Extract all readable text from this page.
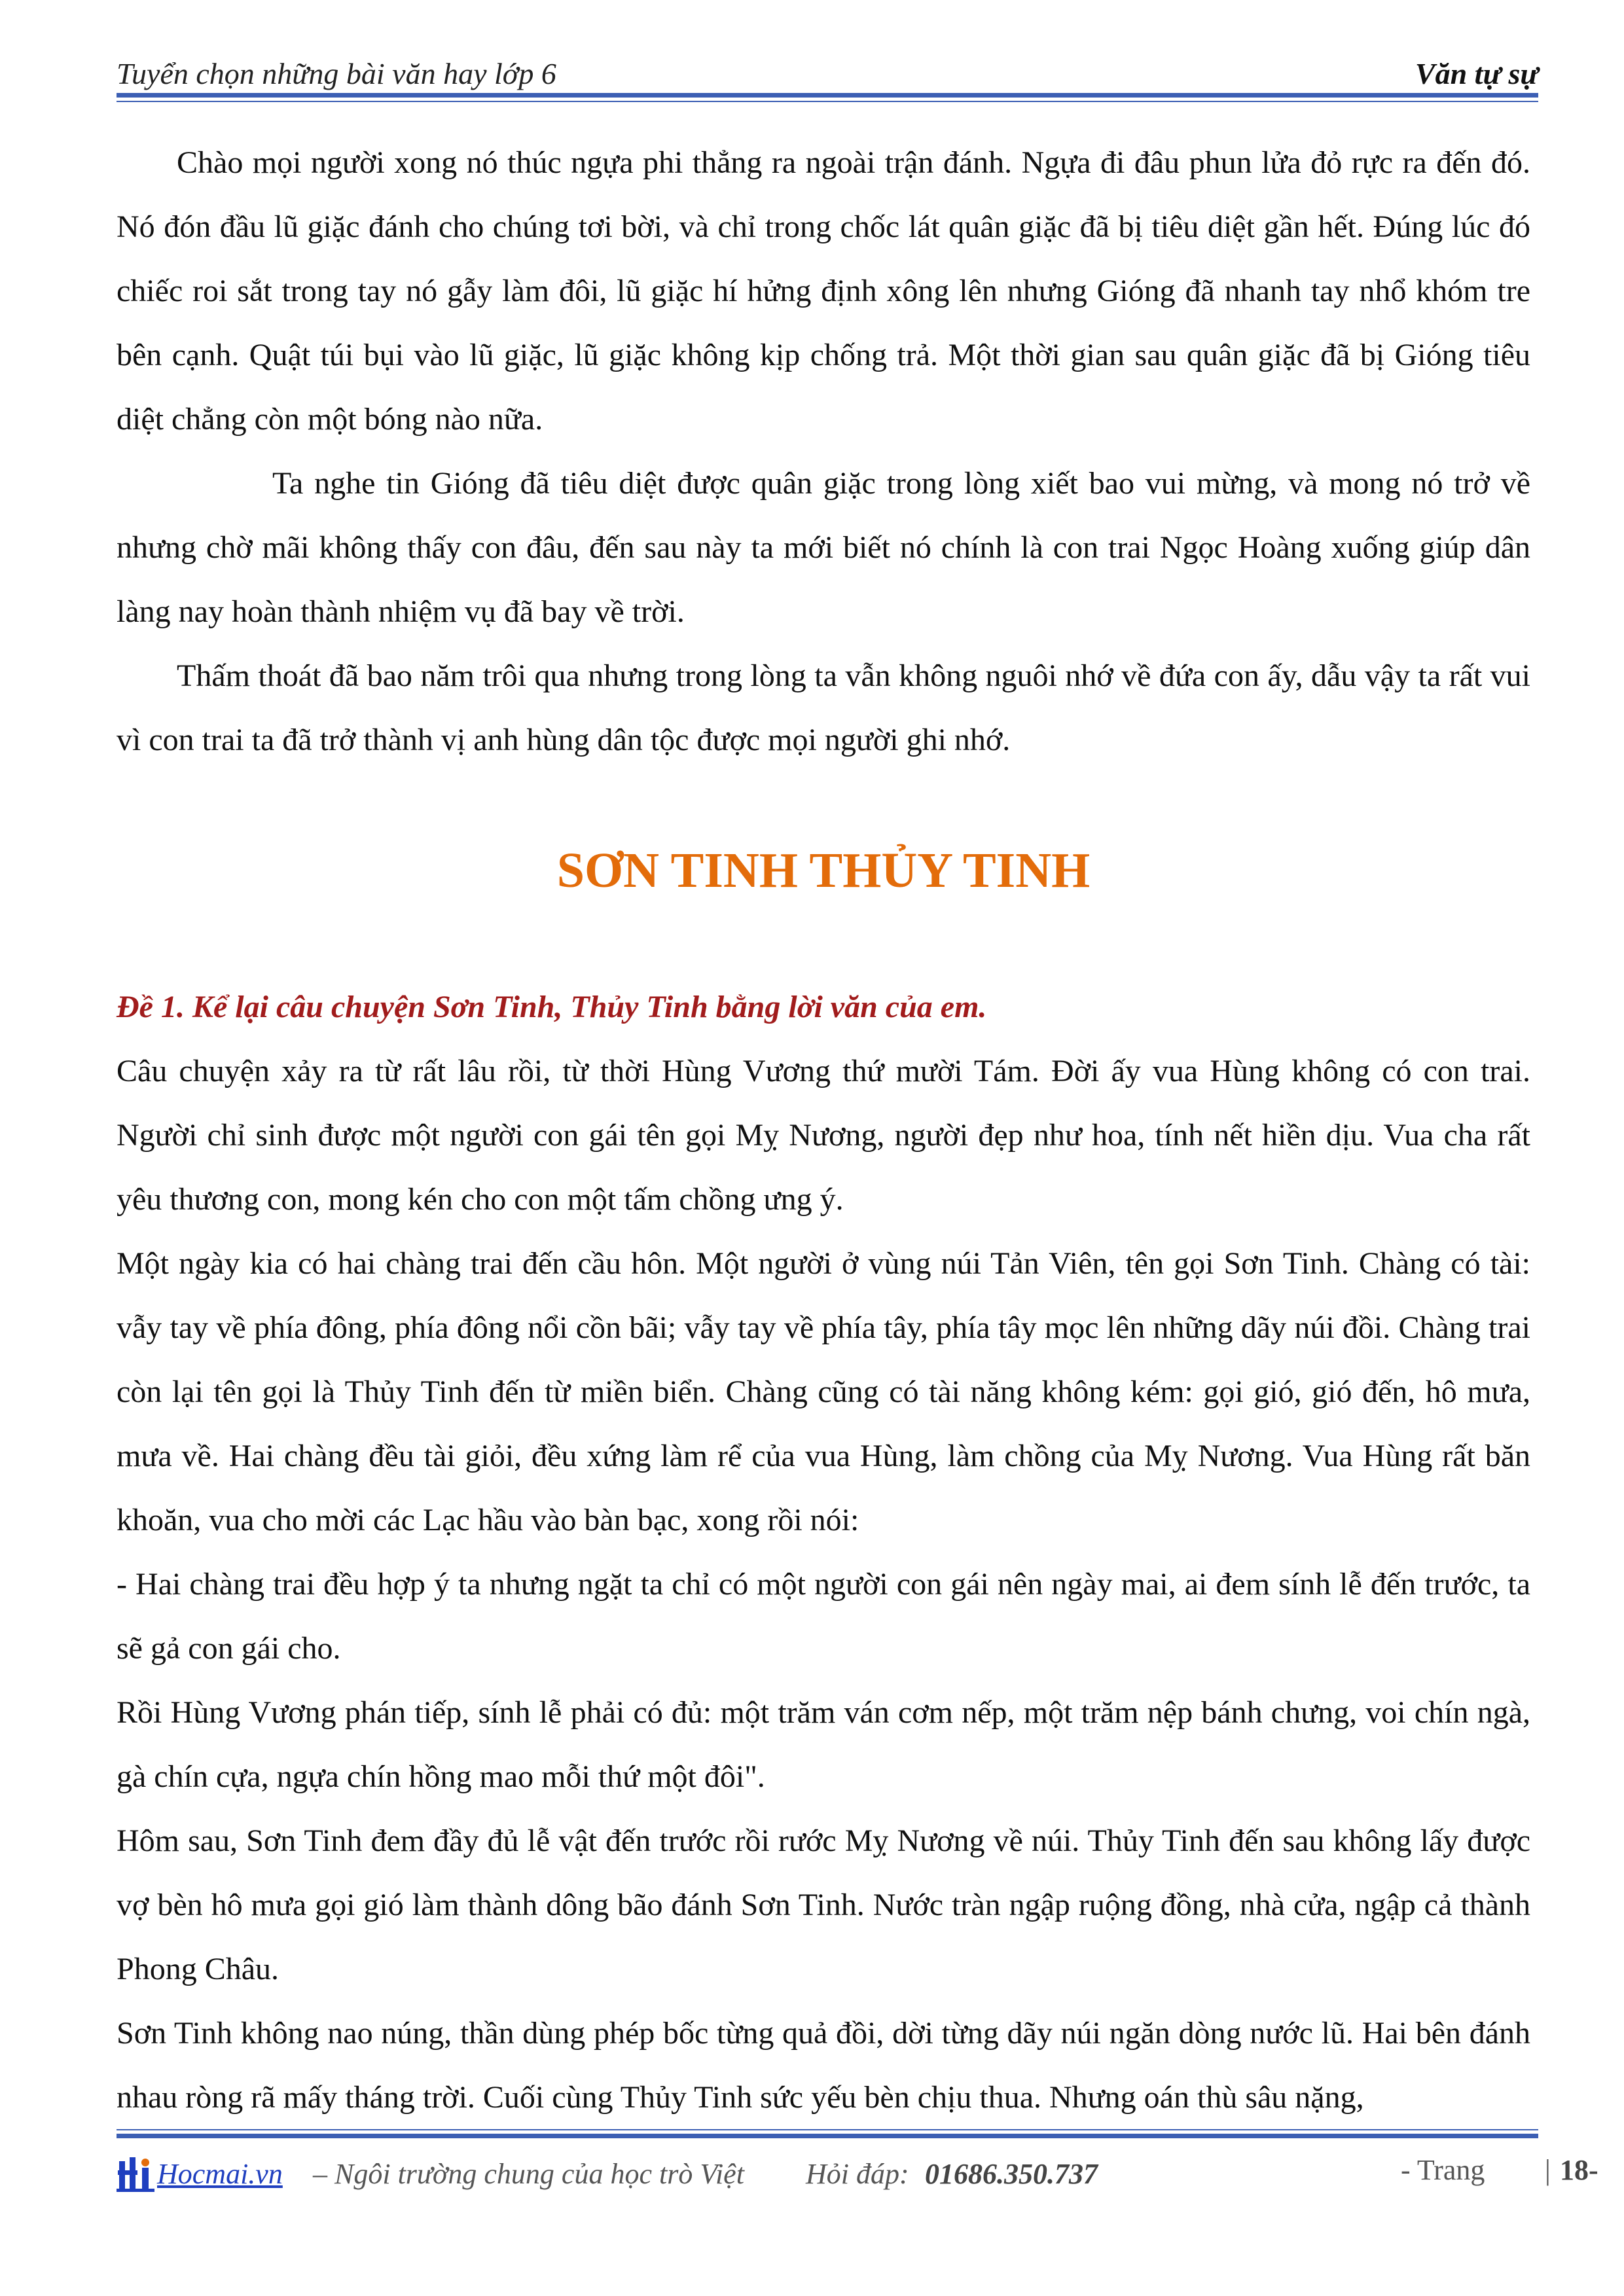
Tuyển chọn những bài văn hay lớp 6	Văn tự sự

Chào mọi người xong nó thúc ngựa phi thẳng ra ngoài trận đánh. Ngựa đi đâu phun lửa đỏ rực ra đến đó. Nó đón đầu lũ giặc đánh cho chúng tơi bời, và chỉ trong chốc lát quân giặc đã bị tiêu diệt gần hết. Đúng lúc đó chiếc roi sắt trong tay nó gẫy làm đôi, lũ giặc hí hửng định xông lên nhưng Gióng đã nhanh tay nhổ khóm tre bên cạnh. Quật túi bụi vào lũ giặc, lũ giặc không kịp chống trả. Một thời gian sau quân giặc đã bị Gióng tiêu diệt chẳng còn một bóng nào nữa.

Ta nghe tin Gióng đã tiêu diệt được quân giặc trong lòng xiết bao vui mừng, và mong nó trở về nhưng chờ mãi không thấy con đâu, đến sau này ta mới biết nó chính là con trai Ngọc Hoàng xuống giúp dân làng nay hoàn thành nhiệm vụ đã bay về trời.

Thấm thoát đã bao năm trôi qua nhưng trong lòng ta vẫn không nguôi nhớ về đứa con ấy, dẫu vậy ta rất vui vì con trai ta đã trở thành vị anh hùng dân tộc được mọi người ghi nhớ.

SƠN TINH THỦY TINH

Đề 1. Kể lại câu chuyện Sơn Tinh, Thủy Tinh bằng lời văn của em.

Câu chuyện xảy ra từ rất lâu rồi, từ thời Hùng Vương thứ mười Tám. Đời ấy vua Hùng không có con trai. Người chỉ sinh được một người con gái tên gọi Mỵ Nương, người đẹp như hoa, tính nết hiền dịu. Vua cha rất yêu thương con, mong kén cho con một tấm chồng ưng ý.

Một ngày kia có hai chàng trai đến cầu hôn. Một người ở vùng núi Tản Viên, tên gọi Sơn Tinh. Chàng có tài: vẫy tay về phía đông, phía đông nổi cồn bãi; vẫy tay về phía tây, phía tây mọc lên những dãy núi đồi. Chàng trai còn lại tên gọi là Thủy Tinh đến từ miền biển. Chàng cũng có tài năng không kém: gọi gió, gió đến, hô mưa, mưa về. Hai chàng đều tài giỏi, đều xứng làm rể của vua Hùng, làm chồng của Mỵ Nương. Vua Hùng rất băn khoăn, vua cho mời các Lạc hầu vào bàn bạc, xong rồi nói:

- Hai chàng trai đều hợp ý ta nhưng ngặt ta chỉ có một người con gái nên ngày mai, ai đem sính lễ đến trước, ta sẽ gả con gái cho.

Rồi Hùng Vương phán tiếp, sính lễ phải có đủ: một trăm ván cơm nếp, một trăm nệp bánh chưng, voi chín ngà, gà chín cựa, ngựa chín hồng mao mỗi thứ một đôi".

Hôm sau, Sơn Tinh đem đầy đủ lễ vật đến trước rồi rước Mỵ Nương về núi. Thủy Tinh đến sau không lấy được vợ bèn hô mưa gọi gió làm thành dông bão đánh Sơn Tinh. Nước tràn ngập ruộng đồng, nhà cửa, ngập cả thành Phong Châu.

Sơn Tinh không nao núng, thần dùng phép bốc từng quả đồi, dời từng dãy núi ngăn dòng nước lũ. Hai bên đánh nhau ròng rã mấy tháng trời. Cuối cùng Thủy Tinh sức yếu bèn chịu thua. Nhưng oán thù sâu nặng,

Hocmai.vn – Ngôi trường chung của học trò Việt Hỏi đáp: 01686.350.737	- Trang | 18-
